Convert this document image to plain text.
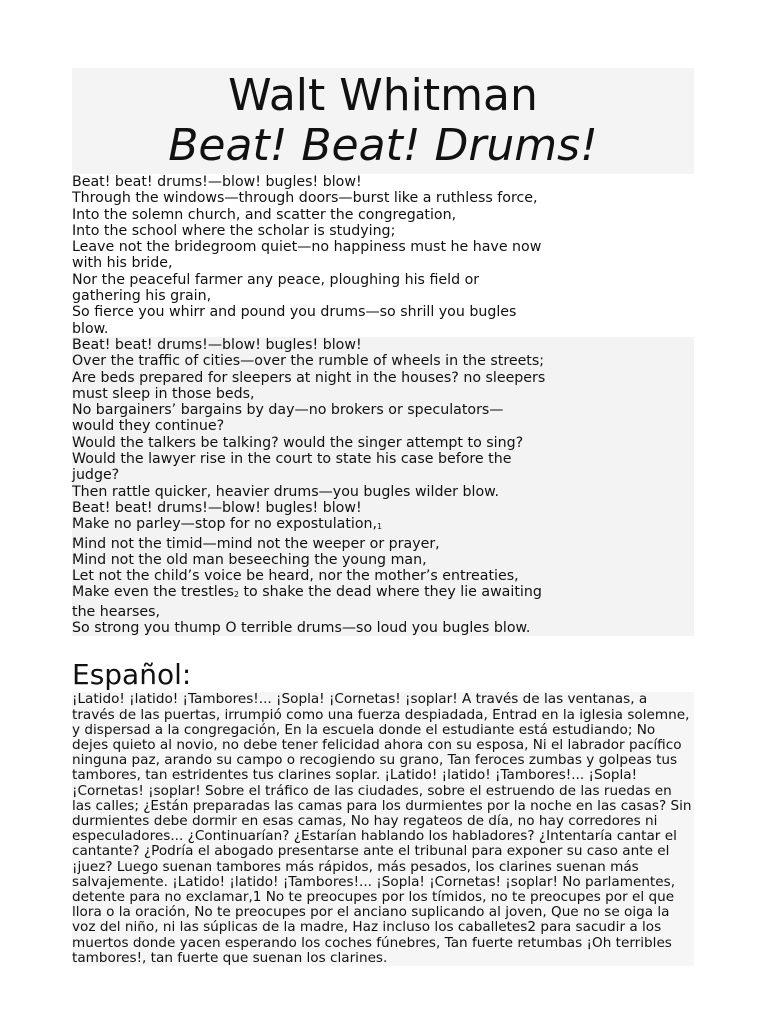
Walt Whitman
Beat! Beat! Drums!
Beat! beat! drums!—blow! bugles! blow!
Through the windows—through doors—burst like a ruthless force,
Into the solemn church, and scatter the congregation,
Into the school where the scholar is studying;
Leave not the bridegroom quiet—no happiness must he have now
with his bride,
Nor the peaceful farmer any peace, ploughing his field or
gathering his grain,
So fierce you whirr and pound you drums—so shrill you bugles
blow.
Beat! beat! drums!—blow! bugles! blow!
Over the traffic of cities—over the rumble of wheels in the streets;
Are beds prepared for sleepers at night in the houses? no sleepers
must sleep in those beds,
No bargainers’ bargains by day—no brokers or speculators—
would they continue?
Would the talkers be talking? would the singer attempt to sing?
Would the lawyer rise in the court to state his case before the
judge?
Then rattle quicker, heavier drums—you bugles wilder blow.
Beat! beat! drums!—blow! bugles! blow!
Make no parley—stop for no $expostulation,_1$
Mind not the timid—mind not the weeper or prayer,
Mind not the old man beseeching the young man,
Let not the child’s voice be heard, nor the mother’s entreaties,
Make even the trestles$_2$ to shake the dead where they lie awaiting
the hearses,
So strong you thump O terrible drums—so loud you bugles blow.
Español:
¡Latido! ¡latido! ¡Tambores!... ¡Sopla! ¡Cornetas! ¡soplar! A través de las ventanas, a
través de las puertas, irrumpió como una fuerza despiadada, Entrad en la iglesia solemne,
y dispersad a la congregación, En la escuela donde el estudiante está estudiando; No
dejes quieto al novio, no debe tener felicidad ahora con su esposa, Ni el labrador pacífico
ninguna paz, arando su campo o recogiendo su grano, Tan feroces zumbas y golpeas tus
tambores, tan estridentes tus clarines soplar. ¡Latido! ¡latido! ¡Tambores!... ¡Sopla!
¡Cornetas! ¡soplar! Sobre el tráfico de las ciudades, sobre el estruendo de las ruedas en
las calles; ¿Están preparadas las camas para los durmientes por la noche en las casas? Sin
durmientes debe dormir en esas camas, No hay regateos de día, no hay corredores ni
especuladores... ¿Continuarían? ¿Estarían hablando los habladores? ¿Intentaría cantar el
cantante? ¿Podría el abogado presentarse ante el tribunal para exponer su caso ante el
¡juez? Luego suenan tambores más rápidos, más pesados, los clarines suenan más
salvajemente. ¡Latido! ¡latido! ¡Tambores!... ¡Sopla! ¡Cornetas! ¡soplar! No parlamentes,
detente para no exclamar,1 No te preocupes por los tímidos, no te preocupes por el que
llora o la oración, No te preocupes por el anciano suplicando al joven, Que no se oiga la
voz del niño, ni las súplicas de la madre, Haz incluso los caballetes2 para sacudir a los
muertos donde yacen esperando los coches fúnebres, Tan fuerte retumbas ¡Oh terribles
tambores!, tan fuerte que suenan los clarines.
